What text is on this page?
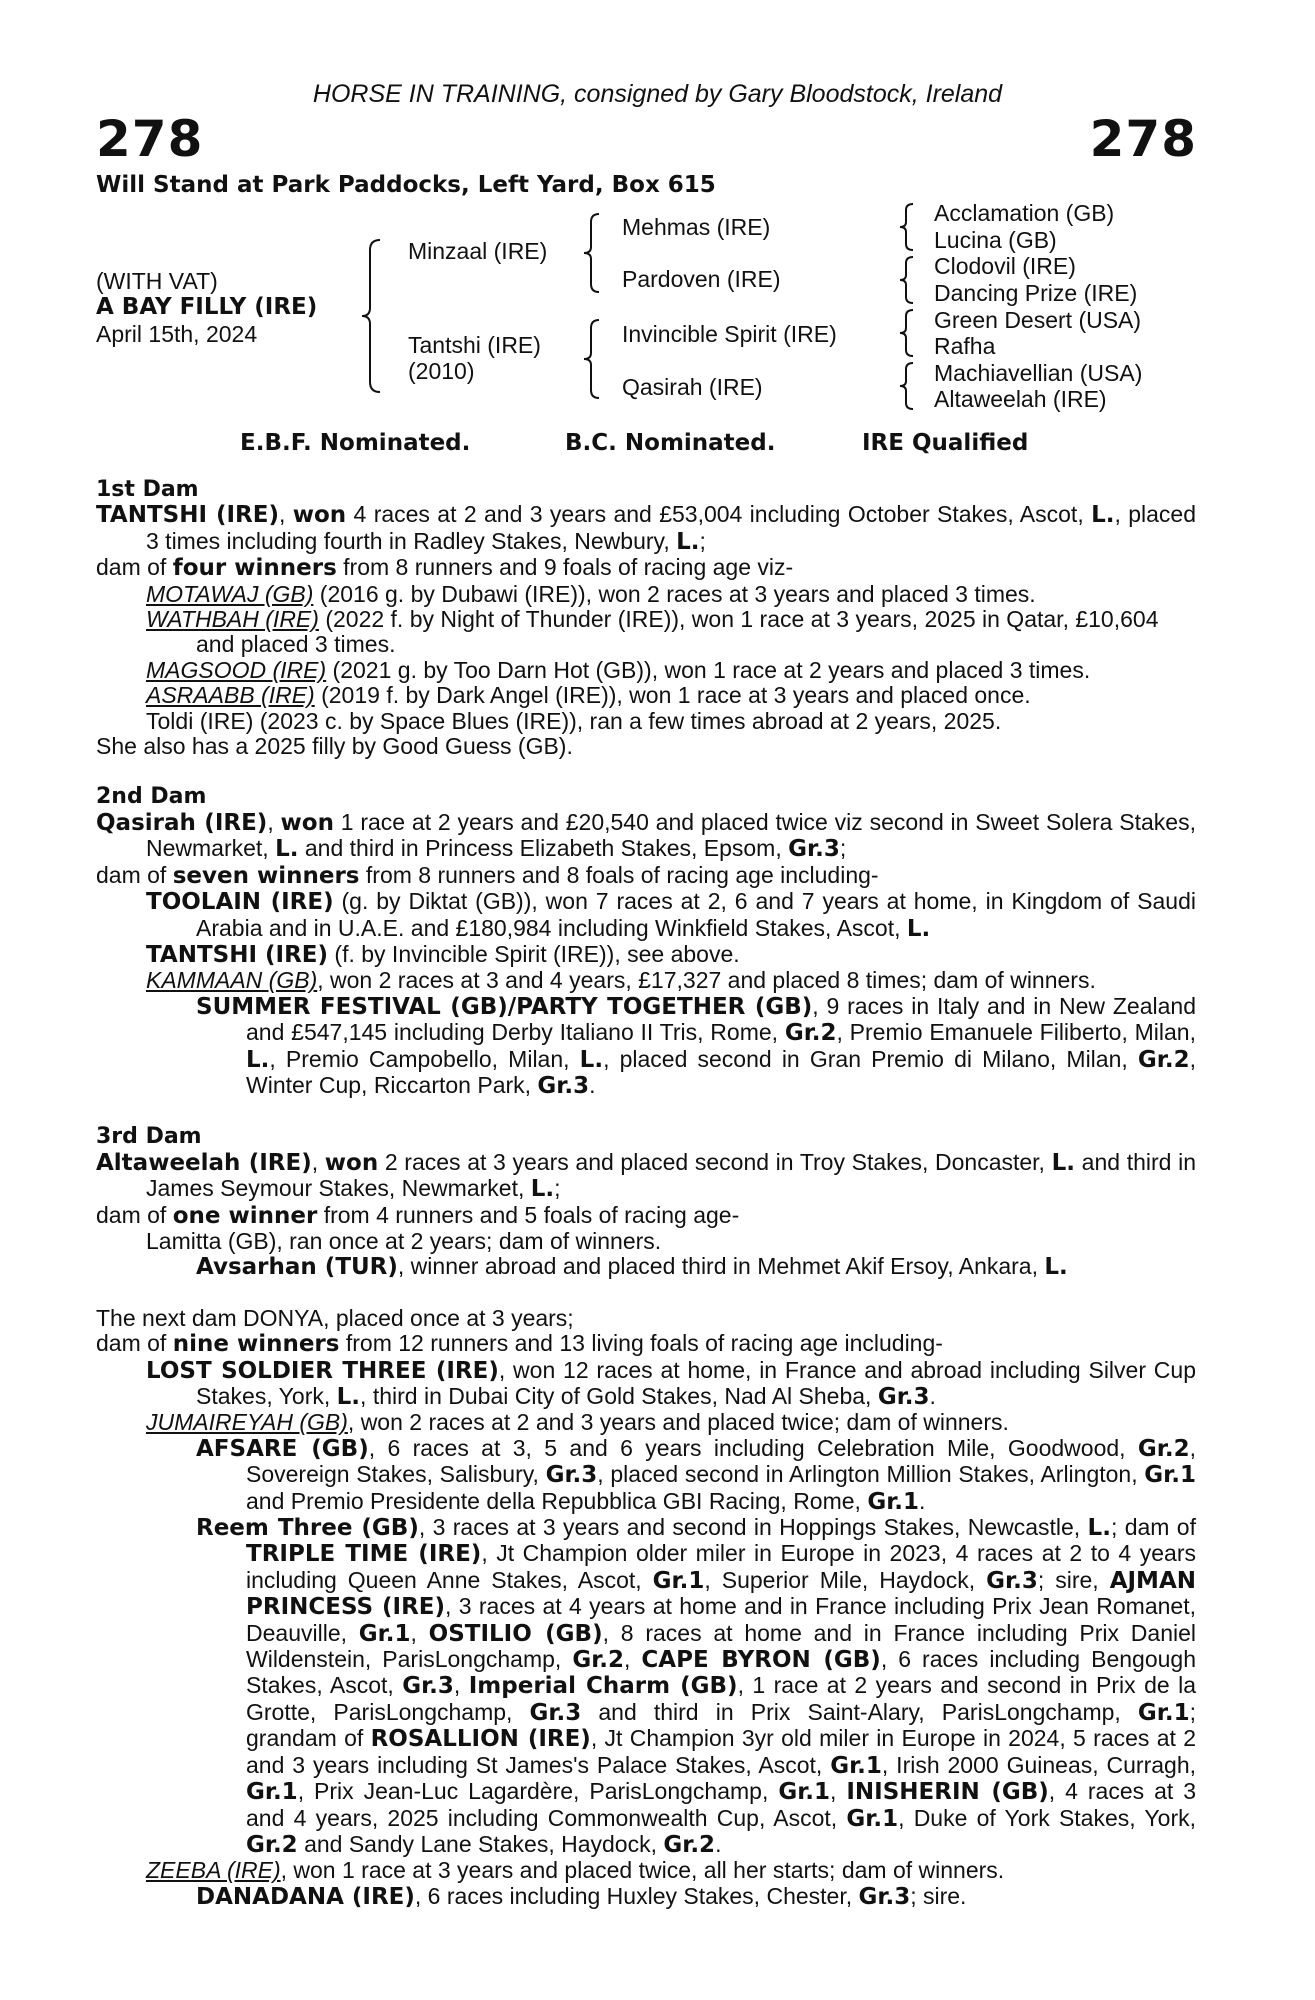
HORSE IN TRAINING, consigned by Gary Bloodstock, Ireland
278	278
Will Stand at Park Paddocks, Left Yard, Box 615
(WITH VAT)
A BAY FILLY (IRE)
April 15th, 2024
Minzaal (IRE)
Tantshi (IRE)
(2010)
Mehmas (IRE)
Pardoven (IRE)
Invincible Spirit (IRE)
Qasirah (IRE)
Acclamation (GB)
Lucina (GB)
Clodovil (IRE)
Dancing Prize (IRE)
Green Desert (USA)
Rafha
Machiavellian (USA)
Altaweelah (IRE)
E.B.F. Nominated.	B.C. Nominated.	IRE Qualified

1st Dam

TANTSHI (IRE), won 4 races at 2 and 3 years and £53,004 including October Stakes, Ascot, L., placed 3 times including fourth in Radley Stakes, Newbury, L.;

dam of four winners from 8 runners and 9 foals of racing age viz-

MOTAWAJ (GB) (2016 g. by Dubawi (IRE)), won 2 races at 3 years and placed 3 times.

WATHBAH (IRE) (2022 f. by Night of Thunder (IRE)), won 1 race at 3 years, 2025 in Qatar, £10,604 and placed 3 times.

MAGSOOD (IRE) (2021 g. by Too Darn Hot (GB)), won 1 race at 2 years and placed 3 times.

ASRAABB (IRE) (2019 f. by Dark Angel (IRE)), won 1 race at 3 years and placed once.

Toldi (IRE) (2023 c. by Space Blues (IRE)), ran a few times abroad at 2 years, 2025.

She also has a 2025 filly by Good Guess (GB).

2nd Dam

Qasirah (IRE), won 1 race at 2 years and £20,540 and placed twice viz second in Sweet Solera Stakes, Newmarket, L. and third in Princess Elizabeth Stakes, Epsom, Gr.3;

dam of seven winners from 8 runners and 8 foals of racing age including-

TOOLAIN (IRE) (g. by Diktat (GB)), won 7 races at 2, 6 and 7 years at home, in Kingdom of Saudi Arabia and in U.A.E. and £180,984 including Winkfield Stakes, Ascot, L.

TANTSHI (IRE) (f. by Invincible Spirit (IRE)), see above.

KAMMAAN (GB), won 2 races at 3 and 4 years, £17,327 and placed 8 times; dam of winners.

SUMMER FESTIVAL (GB)/PARTY TOGETHER (GB), 9 races in Italy and in New Zealand and £547,145 including Derby Italiano II Tris, Rome, Gr.2, Premio Emanuele Filiberto, Milan, L., Premio Campobello, Milan, L., placed second in Gran Premio di Milano, Milan, Gr.2, Winter Cup, Riccarton Park, Gr.3.

3rd Dam

Altaweelah (IRE), won 2 races at 3 years and placed second in Troy Stakes, Doncaster, L. and third in James Seymour Stakes, Newmarket, L.;

dam of one winner from 4 runners and 5 foals of racing age-

Lamitta (GB), ran once at 2 years; dam of winners.

Avsarhan (TUR), winner abroad and placed third in Mehmet Akif Ersoy, Ankara, L.

The next dam DONYA, placed once at 3 years;

dam of nine winners from 12 runners and 13 living foals of racing age including-

LOST SOLDIER THREE (IRE), won 12 races at home, in France and abroad including Silver Cup Stakes, York, L., third in Dubai City of Gold Stakes, Nad Al Sheba, Gr.3.

JUMAIREYAH (GB), won 2 races at 2 and 3 years and placed twice; dam of winners.

AFSARE (GB), 6 races at 3, 5 and 6 years including Celebration Mile, Goodwood, Gr.2, Sovereign Stakes, Salisbury, Gr.3, placed second in Arlington Million Stakes, Arlington, Gr.1 and Premio Presidente della Repubblica GBI Racing, Rome, Gr.1.

Reem Three (GB), 3 races at 3 years and second in Hoppings Stakes, Newcastle, L.; dam of TRIPLE TIME (IRE), Jt Champion older miler in Europe in 2023, 4 races at 2 to 4 years including Queen Anne Stakes, Ascot, Gr.1, Superior Mile, Haydock, Gr.3; sire, AJMAN PRINCESS (IRE), 3 races at 4 years at home and in France including Prix Jean Romanet, Deauville, Gr.1, OSTILIO (GB), 8 races at home and in France including Prix Daniel Wildenstein, ParisLongchamp, Gr.2, CAPE BYRON (GB), 6 races including Bengough Stakes, Ascot, Gr.3, Imperial Charm (GB), 1 race at 2 years and second in Prix de la Grotte, ParisLongchamp, Gr.3 and third in Prix Saint-Alary, ParisLongchamp, Gr.1; grandam of ROSALLION (IRE), Jt Champion 3yr old miler in Europe in 2024, 5 races at 2 and 3 years including St James's Palace Stakes, Ascot, Gr.1, Irish 2000 Guineas, Curragh, Gr.1, Prix Jean-Luc Lagardère, ParisLongchamp, Gr.1, INISHERIN (GB), 4 races at 3 and 4 years, 2025 including Commonwealth Cup, Ascot, Gr.1, Duke of York Stakes, York, Gr.2 and Sandy Lane Stakes, Haydock, Gr.2.

ZEEBA (IRE), won 1 race at 3 years and placed twice, all her starts; dam of winners.

DANADANA (IRE), 6 races including Huxley Stakes, Chester, Gr.3; sire.
